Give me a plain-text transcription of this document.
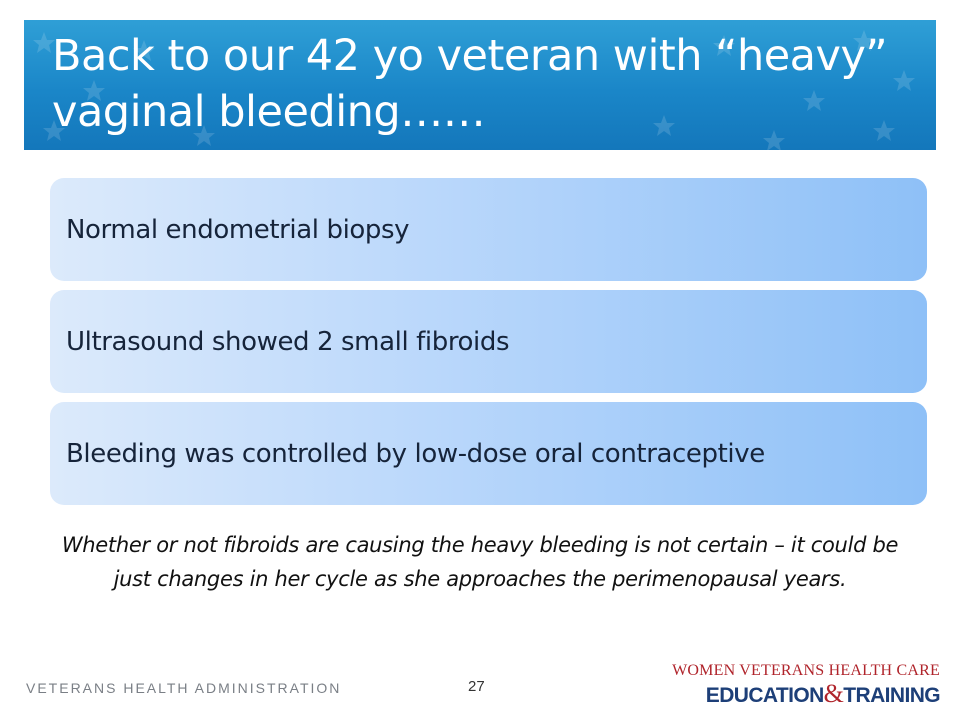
Back to our 42 yo veteran with “heavy” vaginal bleeding……
Normal endometrial biopsy
Ultrasound showed 2 small fibroids
Bleeding was controlled by low-dose oral contraceptive
Whether or not fibroids are causing the heavy bleeding is not certain – it could be just changes in her cycle as she approaches the perimenopausal years.
VETERANS HEALTH ADMINISTRATION	27
WOMEN VETERANS HEALTH CARE
EDUCATION&TRAINING
